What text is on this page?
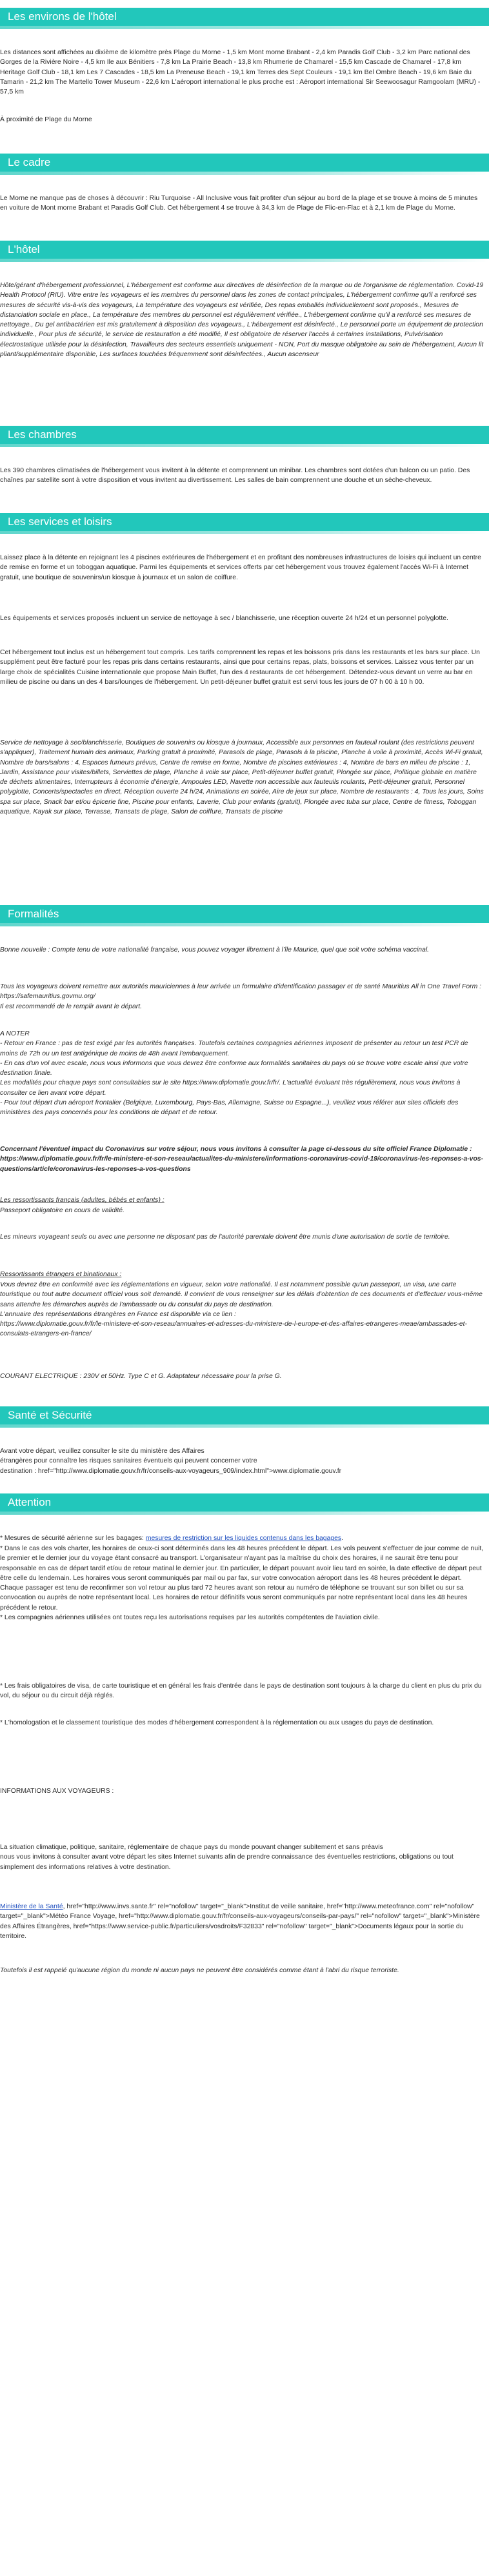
Les environs de l'hôtel

Les distances sont affichées au dixième de kilomètre près Plage du Morne - 1,5 km Mont morne Brabant - 2,4 km Paradis Golf Club - 3,2 km Parc national des Gorges de la Rivière Noire - 4,5 km Ile aux Bénitiers - 7,8 km La Prairie Beach - 13,8 km Rhumerie de Chamarel - 15,5 km Cascade de Chamarel - 17,8 km Heritage Golf Club - 18,1 km Les 7 Cascades - 18,5 km La Preneuse Beach - 19,1 km Terres des Sept Couleurs - 19,1 km Bel Ombre Beach - 19,6 km Baie du Tamarin - 21,2 km The Martello Tower Museum - 22,6 km L'aéroport international le plus proche est : Aéroport international Sir Seewoosagur Ramgoolam (MRU) - 57,5 km

À proximité de Plage du Morne

Le cadre

Le Morne ne manque pas de choses à découvrir : Riu Turquoise - All Inclusive vous fait profiter d'un séjour au bord de la plage et se trouve à moins de 5 minutes en voiture de Mont morne Brabant et Paradis Golf Club. Cet hébergement 4 se trouve à 34,3 km de Plage de Flic-en-Flac et à 2,1 km de Plage du Morne.

L'hôtel

Hôte/gérant d'hébergement professionnel, L'hébergement est conforme aux directives de désinfection de la marque ou de l'organisme de réglementation. Covid-19 Health Protocol (RIU). Vitre entre les voyageurs et les membres du personnel dans les zones de contact principales, L'hébergement confirme qu'il a renforcé ses mesures de sécurité vis-à-vis des voyageurs, La température des voyageurs est vérifiée, Des repas emballés individuellement sont proposés., Mesures de distanciation sociale en place., La température des membres du personnel est régulièrement vérifiée., L'hébergement confirme qu'il a renforcé ses mesures de nettoyage., Du gel antibactérien est mis gratuitement à disposition des voyageurs., L'hébergement est désinfecté., Le personnel porte un équipement de protection individuelle., Pour plus de sécurité, le service de restauration a été modifié, Il est obligatoire de réserver l'accès à certaines installations, Pulvérisation électrostatique utilisée pour la désinfection, Travailleurs des secteurs essentiels uniquement - NON, Port du masque obligatoire au sein de l'hébergement, Aucun lit pliant/supplémentaire disponible, Les surfaces touchées fréquemment sont désinfectées., Aucun ascenseur

Les chambres

Les 390 chambres climatisées de l'hébergement vous invitent à la détente et comprennent un minibar. Les chambres sont dotées d'un balcon ou un patio. Des chaînes par satellite sont à votre disposition et vous invitent au divertissement. Les salles de bain comprennent une douche et un sèche-cheveux.

Les services et loisirs

Laissez place à la détente en rejoignant les 4 piscines extérieures de l'hébergement et en profitant des nombreuses infrastructures de loisirs qui incluent un centre de remise en forme et un toboggan aquatique. Parmi les équipements et services offerts par cet hébergement vous trouvez également l'accès Wi-Fi à Internet gratuit, une boutique de souvenirs/un kiosque à journaux et un salon de coiffure.

Les équipements et services proposés incluent un service de nettoyage à sec / blanchisserie, une réception ouverte 24 h/24 et un personnel polyglotte.

Cet hébergement tout inclus est un hébergement tout compris. Les tarifs comprennent les repas et les boissons pris dans les restaurants et les bars sur place. Un supplément peut être facturé pour les repas pris dans certains restaurants, ainsi que pour certains repas, plats, boissons et services. Laissez vous tenter par un large choix de spécialités Cuisine internationale que propose Main Buffet, l'un des 4 restaurants de cet hébergement. Détendez-vous devant un verre au bar en milieu de piscine ou dans un des 4 bars/lounges de l'hébergement. Un petit-déjeuner buffet gratuit est servi tous les jours de 07 h 00 à 10 h 00.

Service de nettoyage à sec/blanchisserie, Boutiques de souvenirs ou kiosque à journaux, Accessible aux personnes en fauteuil roulant (des restrictions peuvent s'appliquer), Traitement humain des animaux, Parking gratuit à proximité, Parasols de plage, Parasols à la piscine, Planche à voile à proximité, Accès Wi-Fi gratuit, Nombre de bars/salons : 4, Espaces fumeurs prévus, Centre de remise en forme, Nombre de piscines extérieures : 4, Nombre de bars en milieu de piscine : 1, Jardin, Assistance pour visites/billets, Serviettes de plage, Planche à voile sur place, Petit-déjeuner buffet gratuit, Plongée sur place, Politique globale en matière de déchets alimentaires, Interrupteurs à économie d'énergie, Ampoules LED, Navette non accessible aux fauteuils roulants, Petit-déjeuner gratuit, Personnel polyglotte, Concerts/spectacles en direct, Réception ouverte 24 h/24, Animations en soirée, Aire de jeux sur place, Nombre de restaurants : 4, Tous les jours, Soins spa sur place, Snack bar et/ou épicerie fine, Piscine pour enfants, Laverie, Club pour enfants (gratuit), Plongée avec tuba sur place, Centre de fitness, Toboggan aquatique, Kayak sur place, Terrasse, Transats de plage, Salon de coiffure, Transats de piscine

Formalités

Bonne nouvelle : Compte tenu de votre nationalité française, vous pouvez voyager librement à l'île Maurice, quel que soit votre schéma vaccinal.

Tous les voyageurs doivent remettre aux autorités mauriciennes à leur arrivée un formulaire d'identification passager et de santé Mauritius All in One Travel Form : https://safemauritius.govmu.org/
Il est recommandé de le remplir avant le départ.

A NOTER
- Retour en France : pas de test exigé par les autorités françaises. Toutefois certaines compagnies aériennes imposent de présenter au retour un test PCR de moins de 72h ou un test antigénique de moins de 48h avant l'embarquement.
- En cas d'un vol avec escale, nous vous informons que vous devrez être conforme aux formalités sanitaires du pays où se trouve votre escale ainsi que votre destination finale.
Les modalités pour chaque pays sont consultables sur le site https://www.diplomatie.gouv.fr/fr/. L'actualité évoluant très régulièrement, nous vous invitons à consulter ce lien avant votre départ.
- Pour tout départ d'un aéroport frontalier (Belgique, Luxembourg, Pays-Bas, Allemagne, Suisse ou Espagne...), veuillez vous référer aux sites officiels des ministères des pays concernés pour les conditions de départ et de retour.

Concernant l'éventuel impact du Coronavirus sur votre séjour, nous vous invitons à consulter la page ci-dessous du site officiel France Diplomatie :
https://www.diplomatie.gouv.fr/fr/le-ministere-et-son-reseau/actualites-du-ministere/informations-coronavirus-covid-19/coronavirus-les-reponses-a-vos-questions/article/coronavirus-les-reponses-a-vos-questions

Les ressortissants français (adultes, bébés et enfants) :

Passeport obligatoire en cours de validité.

Les mineurs voyageant seuls ou avec une personne ne disposant pas de l'autorité parentale doivent être munis d'une autorisation de sortie de territoire.

Ressortissants étrangers et binationaux :

Vous devrez être en conformité avec les réglementations en vigueur, selon votre nationalité. Il est notamment possible qu'un passeport, un visa, une carte touristique ou tout autre document officiel vous soit demandé. Il convient de vous renseigner sur les délais d'obtention de ces documents et d'effectuer vous-même sans attendre les démarches auprès de l'ambassade ou du consulat du pays de destination.
L'annuaire des représentations étrangères en France est disponible via ce lien :
https://www.diplomatie.gouv.fr/fr/le-ministere-et-son-reseau/annuaires-et-adresses-du-ministere-de-l-europe-et-des-affaires-etrangeres-meae/ambassades-et-consulats-etrangers-en-france/

COURANT ELECTRIQUE : 230V et 50Hz. Type C et G. Adaptateur nécessaire pour la prise G.

Santé et Sécurité

Avant votre départ, veuillez consulter le site du ministère des Affaires
étrangères pour connaître les risques sanitaires éventuels qui peuvent concerner votre
destination : href="http://www.diplomatie.gouv.fr/fr/conseils-aux-voyageurs_909/index.html">www.diplomatie.gouv.fr

Attention

* Mesures de sécurité aérienne sur les bagages: mesures de restriction sur les liquides contenus dans les bagages.

* Dans le cas des vols charter, les horaires de ceux-ci sont déterminés dans les 48 heures précédent le départ. Les vols peuvent s'effectuer de jour comme de nuit, le premier et le dernier jour du voyage étant consacré au transport. L'organisateur n'ayant pas la maîtrise du choix des horaires, il ne saurait être tenu pour responsable en cas de départ tardif et/ou de retour matinal le dernier jour. En particulier, le départ pouvant avoir lieu tard en soirée, la date effective de départ peut être celle du lendemain. Les horaires vous seront communiqués par mail ou par fax, sur votre convocation aéroport dans les 48 heures précédent le départ. Chaque passager est tenu de reconfirmer son vol retour au plus tard 72 heures avant son retour au numéro de téléphone se trouvant sur son billet ou sur sa convocation ou auprès de notre représentant local. Les horaires de retour définitifs vous seront communiqués par notre représentant local dans les 48 heures précédent le retour.
* Les compagnies aériennes utilisées ont toutes reçu les autorisations requises par les autorités compétentes de l'aviation civile.

* Les frais obligatoires de visa, de carte touristique et en général les frais d'entrée dans le pays de destination sont toujours à la charge du client en plus du prix du vol, du séjour ou du circuit déjà réglés.

* L'homologation et le classement touristique des modes d'hébergement correspondent à la réglementation ou aux usages du pays de destination.

INFORMATIONS AUX VOYAGEURS :

La situation climatique, politique, sanitaire, réglementaire de chaque pays du monde pouvant changer subitement et sans préavis
nous vous invitons à consulter avant votre départ les sites Internet suivants afin de prendre connaissance des éventuelles restrictions, obligations ou tout simplement des informations relatives à votre destination.

Ministère de la Santé, href="http://www.invs.sante.fr" rel="nofollow" target="_blank">Institut de veille sanitaire, href="http://www.meteofrance.com" rel="nofollow" target="_blank">Météo France Voyage, href="http://www.diplomatie.gouv.fr/fr/conseils-aux-voyageurs/conseils-par-pays/" rel="nofollow" target="_blank">Ministère des Affaires Étrangères, href="https://www.service-public.fr/particuliers/vosdroits/F32833" rel="nofollow" target="_blank">Documents légaux pour la sortie du territoire.

Toutefois il est rappelé qu'aucune région du monde ni aucun pays ne peuvent être considérés comme étant à l'abri du risque terroriste.
